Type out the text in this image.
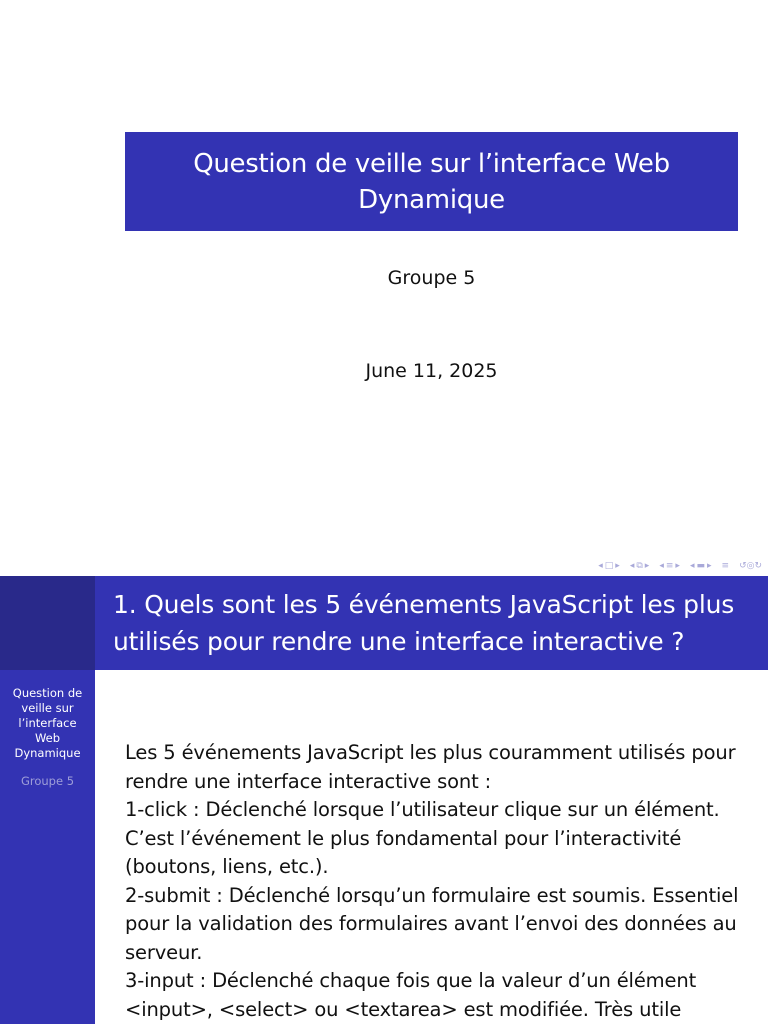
Question de veille sur l’interface Web Dynamique
Groupe 5
June 11, 2025
◂ □ ▸ ◂ ⧉ ▸ ◂ ≡ ▸ ◂ ▬ ▸ ≡ ↺◎↻
1. Quels sont les 5 événements JavaScript les plus utilisés pour rendre une interface interactive ?
Question de veille sur l’interface Web Dynamique
Groupe 5

Les 5 événements JavaScript les plus couramment utilisés pour rendre une interface interactive sont :

1-click : Déclenché lorsque l’utilisateur clique sur un élément. C’est l’événement le plus fondamental pour l’interactivité (boutons, liens, etc.).

2-submit : Déclenché lorsqu’un formulaire est soumis. Essentiel pour la validation des formulaires avant l’envoi des données au serveur.

3-input : Déclenché chaque fois que la valeur d’un élément <input>, <select> ou <textarea> est modifiée. Très utile
